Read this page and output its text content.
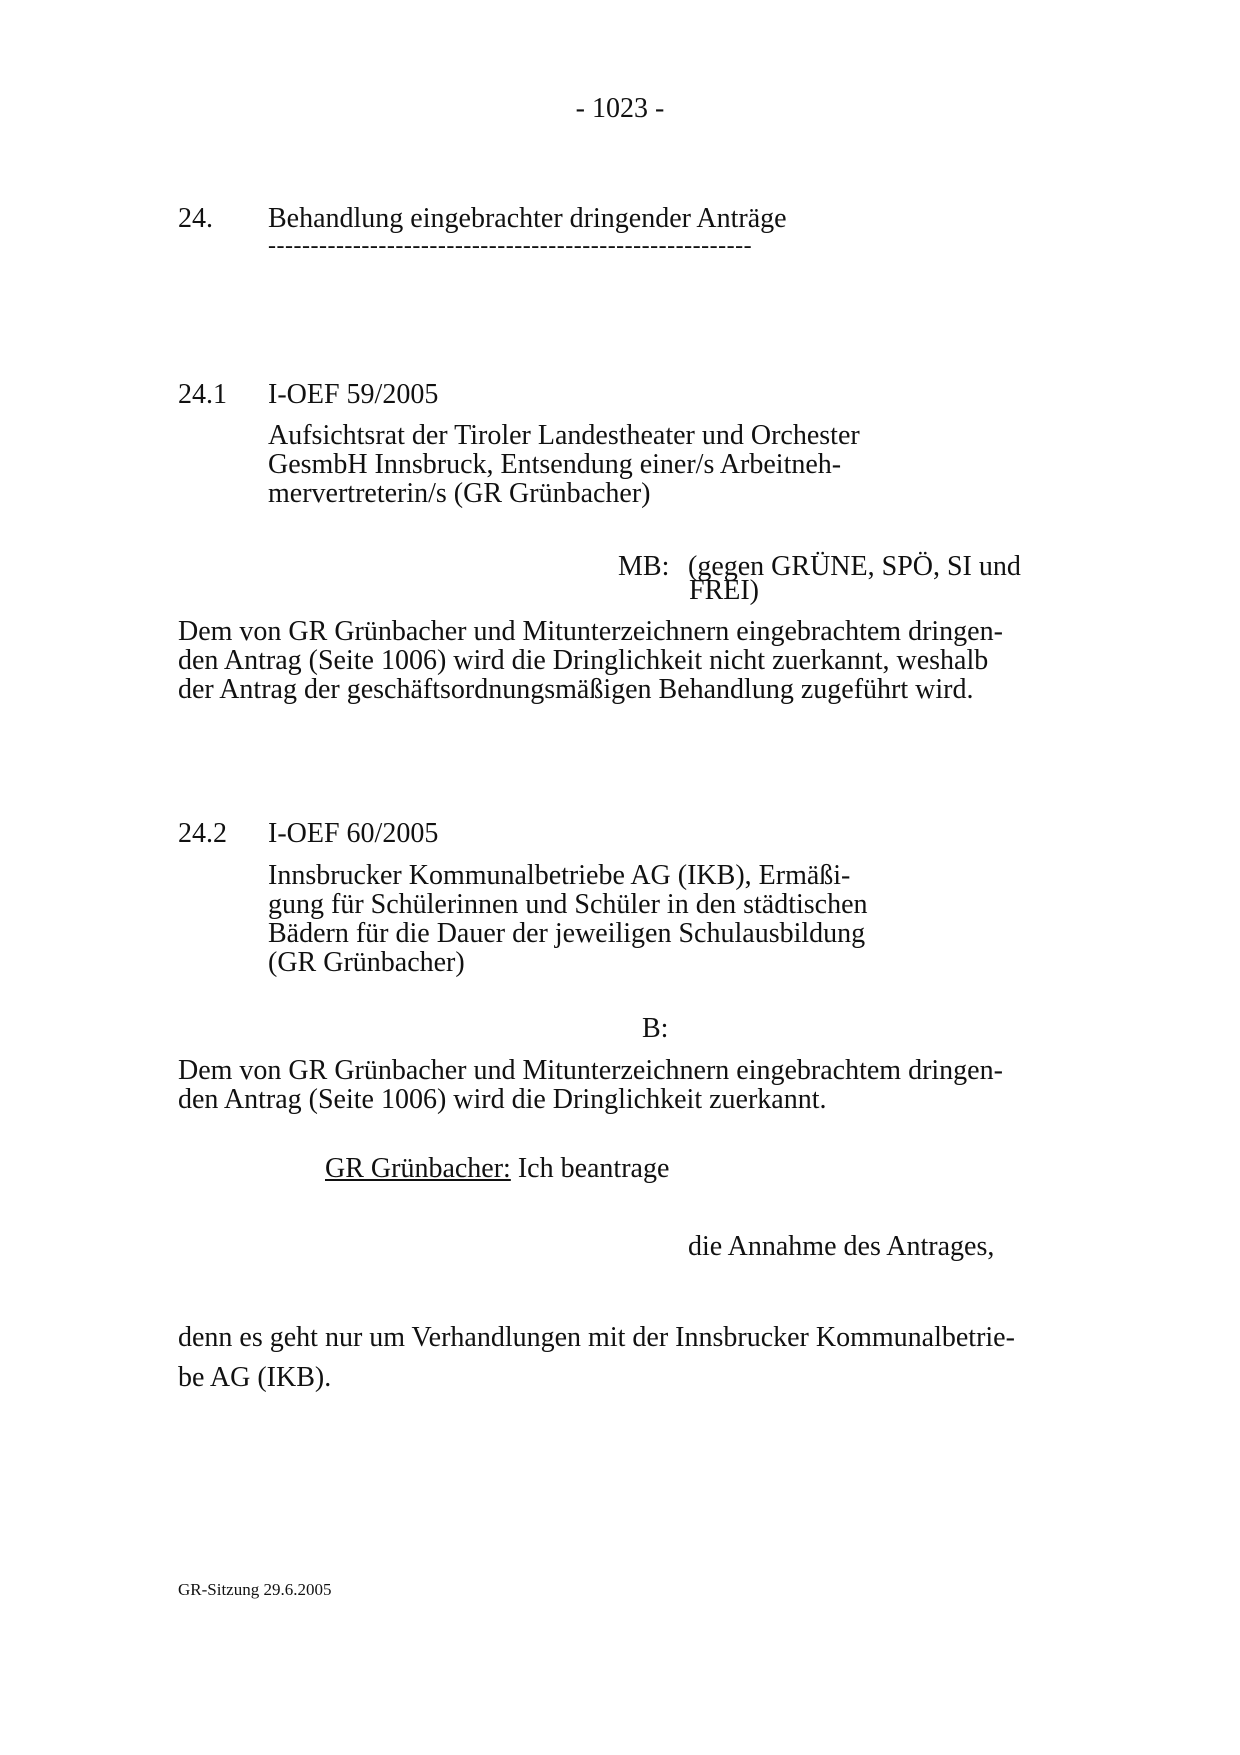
- 1023 -
24. Behandlung eingebrachter dringender Anträge
---------------------------------------------------------
24.1 I-OEF 59/2005
Aufsichtsrat der Tiroler Landestheater und Orchester
GesmbH Innsbruck, Entsendung einer/s Arbeitneh-
mervertreterin/s (GR Grünbacher)
MB: (gegen GRÜNE, SPÖ, SI und
FREI)
Dem von GR Grünbacher und Mitunterzeichnern eingebrachtem dringen-
den Antrag (Seite 1006) wird die Dringlichkeit nicht zuerkannt, weshalb
der Antrag der geschäftsordnungsmäßigen Behandlung zugeführt wird.
24.2 I-OEF 60/2005
Innsbrucker Kommunalbetriebe AG (IKB), Ermäßi-
gung für Schülerinnen und Schüler in den städtischen
Bädern für die Dauer der jeweiligen Schulausbildung
(GR Grünbacher)
B:
Dem von GR Grünbacher und Mitunterzeichnern eingebrachtem dringen-
den Antrag (Seite 1006) wird die Dringlichkeit zuerkannt.
GR Grünbacher: Ich beantrage
die Annahme des Antrages,
denn es geht nur um Verhandlungen mit der Innsbrucker Kommunalbetrie-
be AG (IKB).
GR-Sitzung 29.6.2005
